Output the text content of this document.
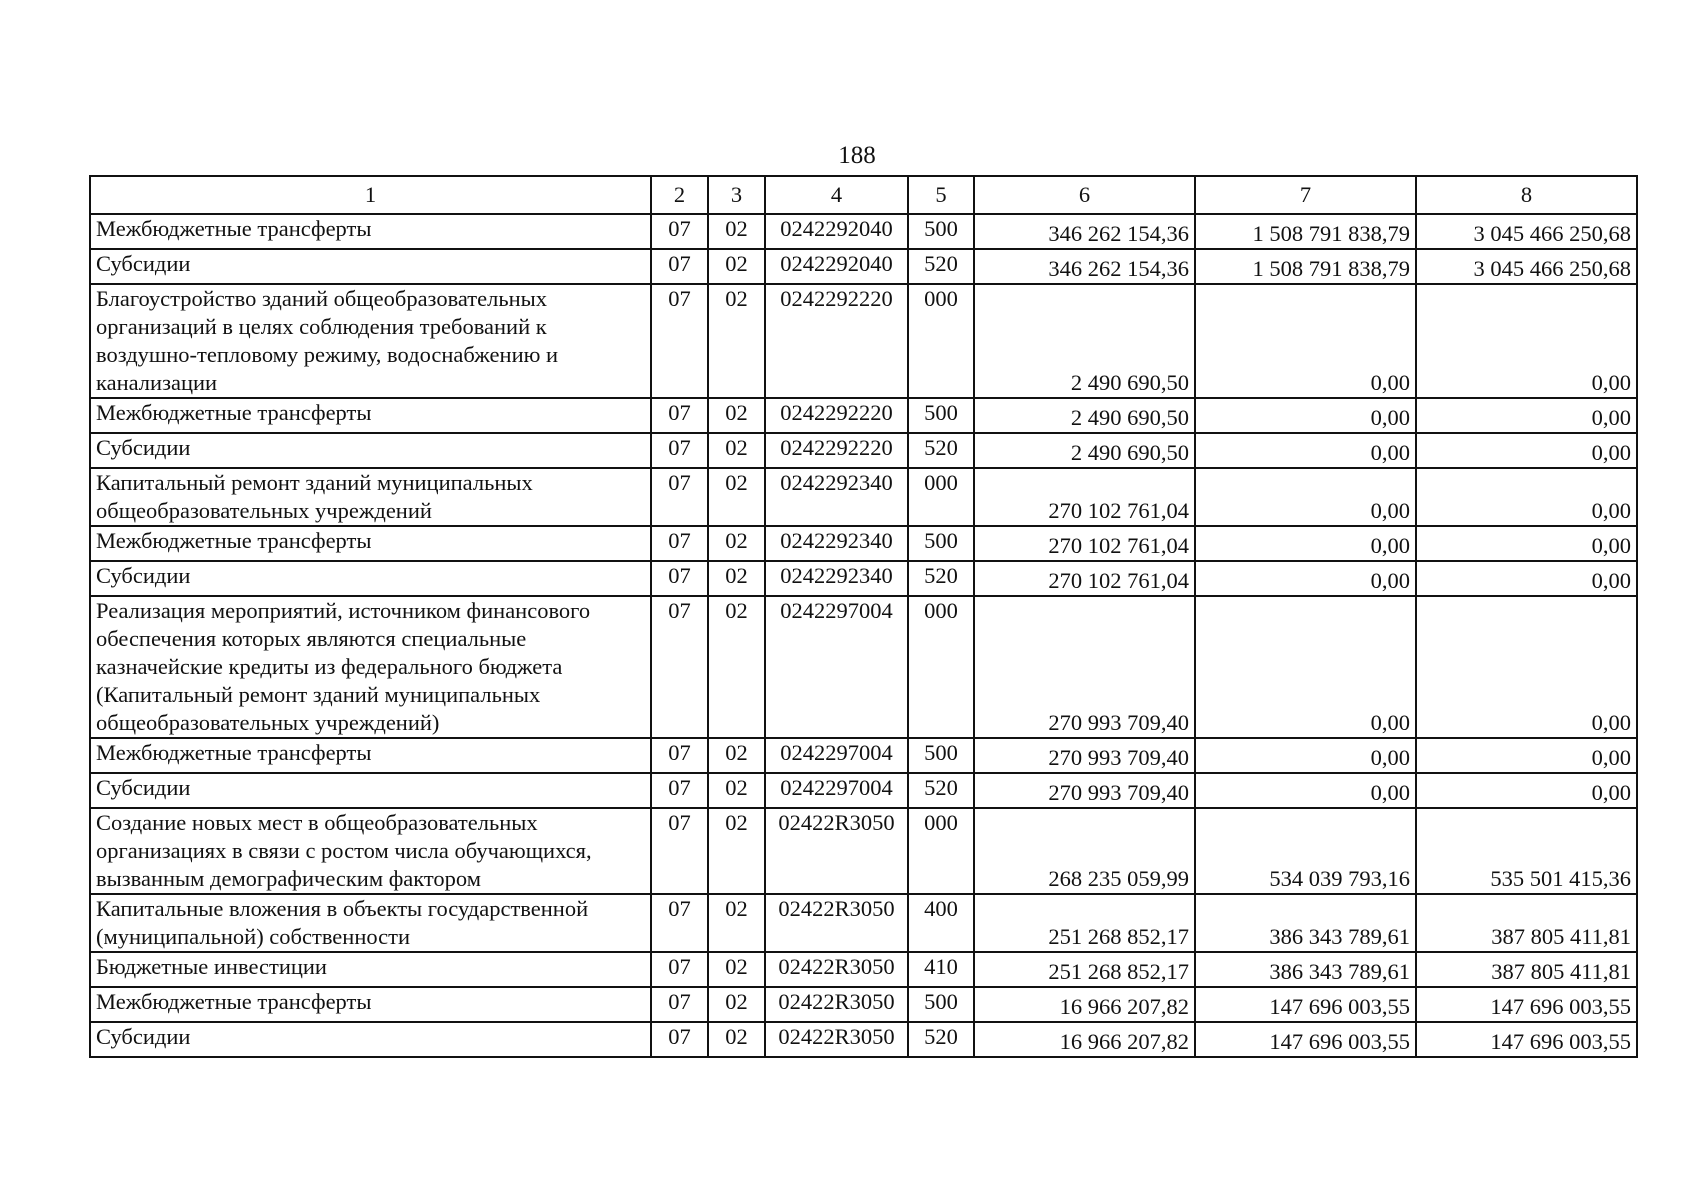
188
1	2	3	4	5	6	7	8
Межбюджетные трансферты	07	02	0242292040	500	346 262 154,36	1 508 791 838,79	3 045 466 250,68
Субсидии	07	02	0242292040	520	346 262 154,36	1 508 791 838,79	3 045 466 250,68
Благоустройство зданий общеобразовательных организаций в целях соблюдения требований к воздушно-тепловому режиму, водоснабжению и канализации	07	02	0242292220	000	2 490 690,50	0,00	0,00
Межбюджетные трансферты	07	02	0242292220	500	2 490 690,50	0,00	0,00
Субсидии	07	02	0242292220	520	2 490 690,50	0,00	0,00
Капитальный ремонт зданий муниципальных общеобразовательных учреждений	07	02	0242292340	000	270 102 761,04	0,00	0,00
Межбюджетные трансферты	07	02	0242292340	500	270 102 761,04	0,00	0,00
Субсидии	07	02	0242292340	520	270 102 761,04	0,00	0,00
Реализация мероприятий, источником финансового обеспечения которых являются специальные казначейские кредиты из федерального бюджета (Капитальный ремонт зданий муниципальных общеобразовательных учреждений)	07	02	0242297004	000	270 993 709,40	0,00	0,00
Межбюджетные трансферты	07	02	0242297004	500	270 993 709,40	0,00	0,00
Субсидии	07	02	0242297004	520	270 993 709,40	0,00	0,00
Создание новых мест в общеобразовательных организациях в связи с ростом числа обучающихся, вызванным демографическим фактором	07	02	02422R3050	000	268 235 059,99	534 039 793,16	535 501 415,36
Капитальные вложения в объекты государственной (муниципальной) собственности	07	02	02422R3050	400	251 268 852,17	386 343 789,61	387 805 411,81
Бюджетные инвестиции	07	02	02422R3050	410	251 268 852,17	386 343 789,61	387 805 411,81
Межбюджетные трансферты	07	02	02422R3050	500	16 966 207,82	147 696 003,55	147 696 003,55
Субсидии	07	02	02422R3050	520	16 966 207,82	147 696 003,55	147 696 003,55
